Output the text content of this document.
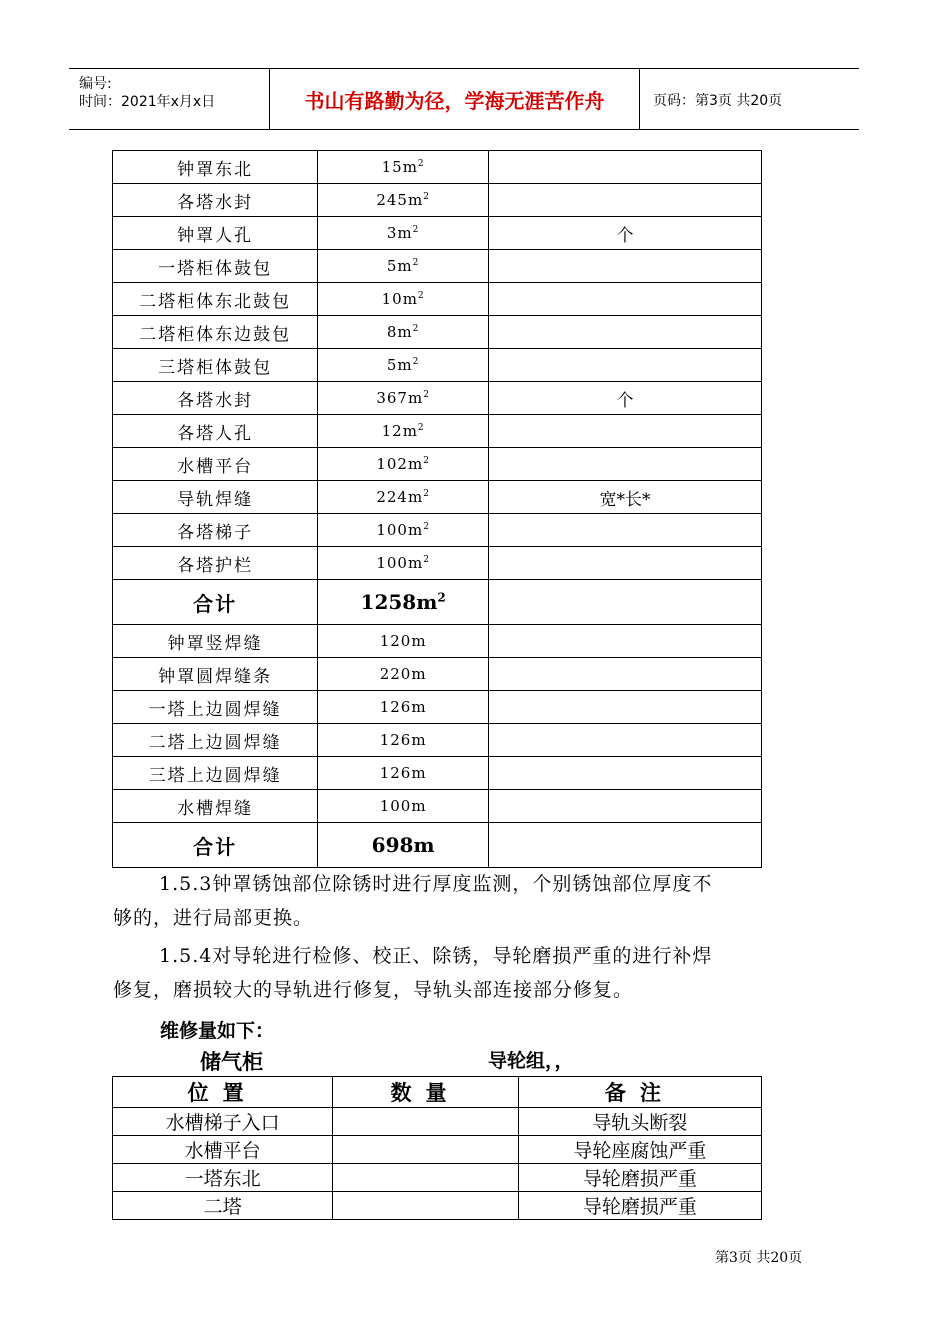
编号:
时间：2021年x月x日	书山有路勤为径，学海无涯苦作舟	页码：第3页 共20页
钟罩东北	$15m^2$	
各塔水封	$245m^2$	
钟罩人孔	$3m^2$	个
一塔柜体鼓包	$5m^2$	
二塔柜体东北鼓包	$10m^2$	
二塔柜体东边鼓包	$8m^2$	
三塔柜体鼓包	$5m^2$	
各塔水封	$367m^2$	个
各塔人孔	$12m^2$	
水槽平台	$102m^2$	
导轨焊缝	$224m^2$	宽*长*
各塔梯子	$100m^2$	
各塔护栏	$100m^2$	
合计	$1258m^2$	
钟罩竖焊缝	120m	
钟罩圆焊缝条	220m	
一塔上边圆焊缝	126m	
二塔上边圆焊缝	126m	
三塔上边圆焊缝	126m	
水槽焊缝	100m	
合计	698m	
1.5.3钟罩锈蚀部位除锈时进行厚度监测，个别锈蚀部位厚度不
够的，进行局部更换。
1.5.4对导轮进行检修、校正、除锈，导轮磨损严重的进行补焊
修复，磨损较大的导轨进行修复，导轨头部连接部分修复。
维修量如下：
储气柜	导轮组，，
位置	数量	备注
水槽梯子入口		导轨头断裂
水槽平台		导轮座腐蚀严重
一塔东北		导轮磨损严重
二塔		导轮磨损严重
第3页 共20页
